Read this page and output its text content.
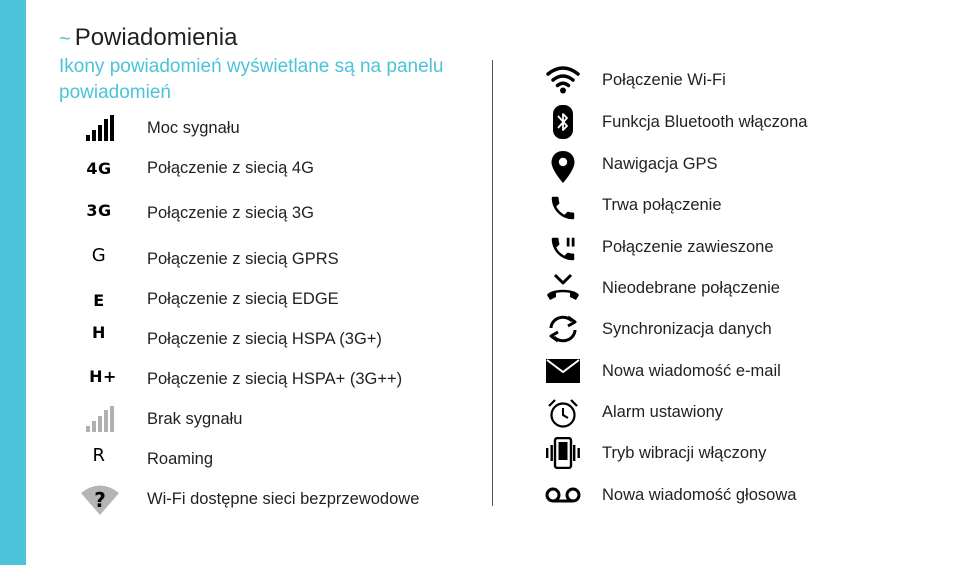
~ Powiadomienia
Ikony powiadomień wyświetlane są na panelu powiadomień
Moc sygnału
4G Połączenie z siecią 4G
3G Połączenie z siecią 3G
G Połączenie z siecią GPRS
E	Połączenie z siecią EDGE
H Połączenie z siecią HSPA (3G+)
H+ Połączenie z siecią HSPA+ (3G++)
Brak sygnału
R	Roaming
? Wi-Fi dostępne sieci bezprzewodowe
Połączenie Wi-Fi
Funkcja Bluetooth włączona
Nawigacja GPS
Trwa połączenie
Połączenie zawieszone
Nieodebrane połączenie
Synchronizacja danych
Nowa wiadomość e-mail
Alarm ustawiony
Tryb wibracji włączony
Nowa wiadomość głosowa
